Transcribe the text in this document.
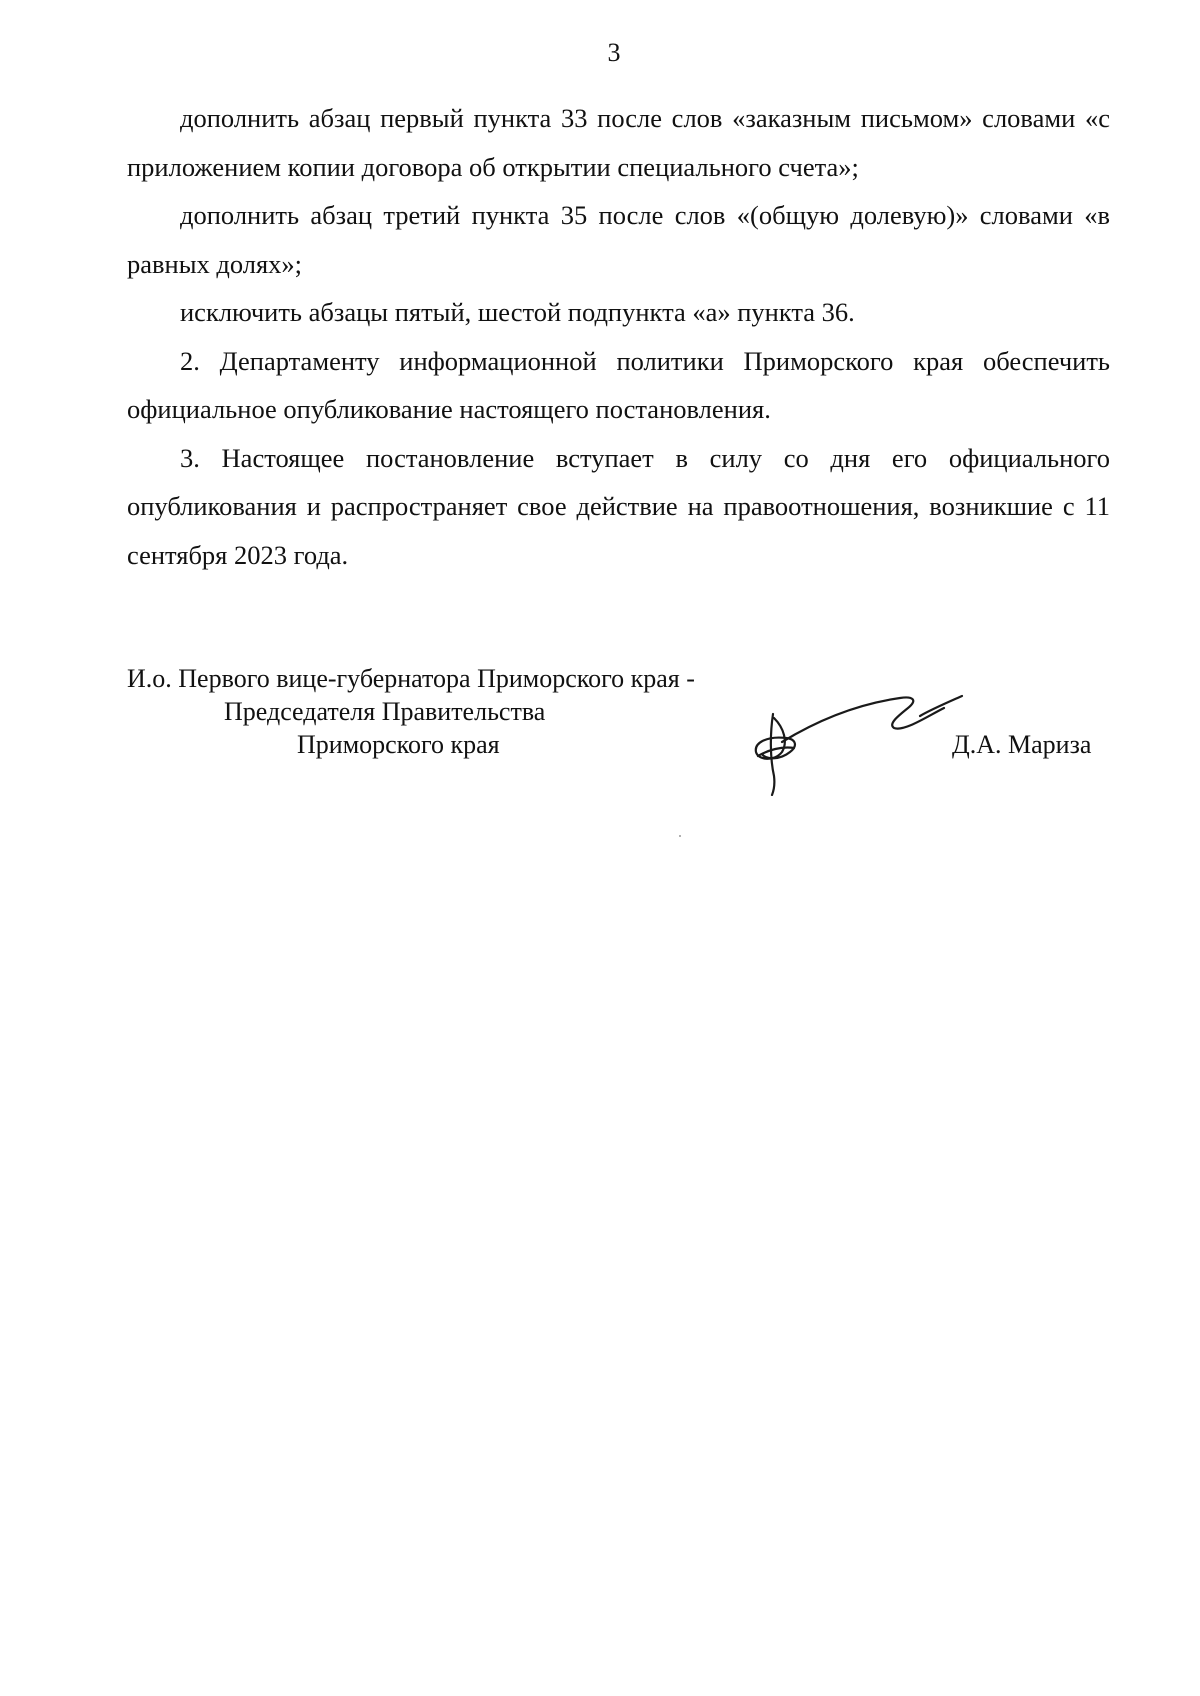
3

дополнить абзац первый пункта 33 после слов «заказным письмом» словами «с приложением копии договора об открытии специального счета»;

дополнить абзац третий пункта 35 после слов «(общую долевую)» словами «в равных долях»;

исключить абзацы пятый, шестой подпункта «а» пункта 36.

2. Департаменту информационной политики Приморского края обеспечить официальное опубликование настоящего постановления.

3. Настоящее постановление вступает в силу со дня его официального опубликования и распространяет свое действие на правоотношения, возникшие с 11 сентября 2023 года.

И.о. Первого вице-губернатора Приморского края -
Председателя Правительства
Приморского края	Д.А. Мариза
